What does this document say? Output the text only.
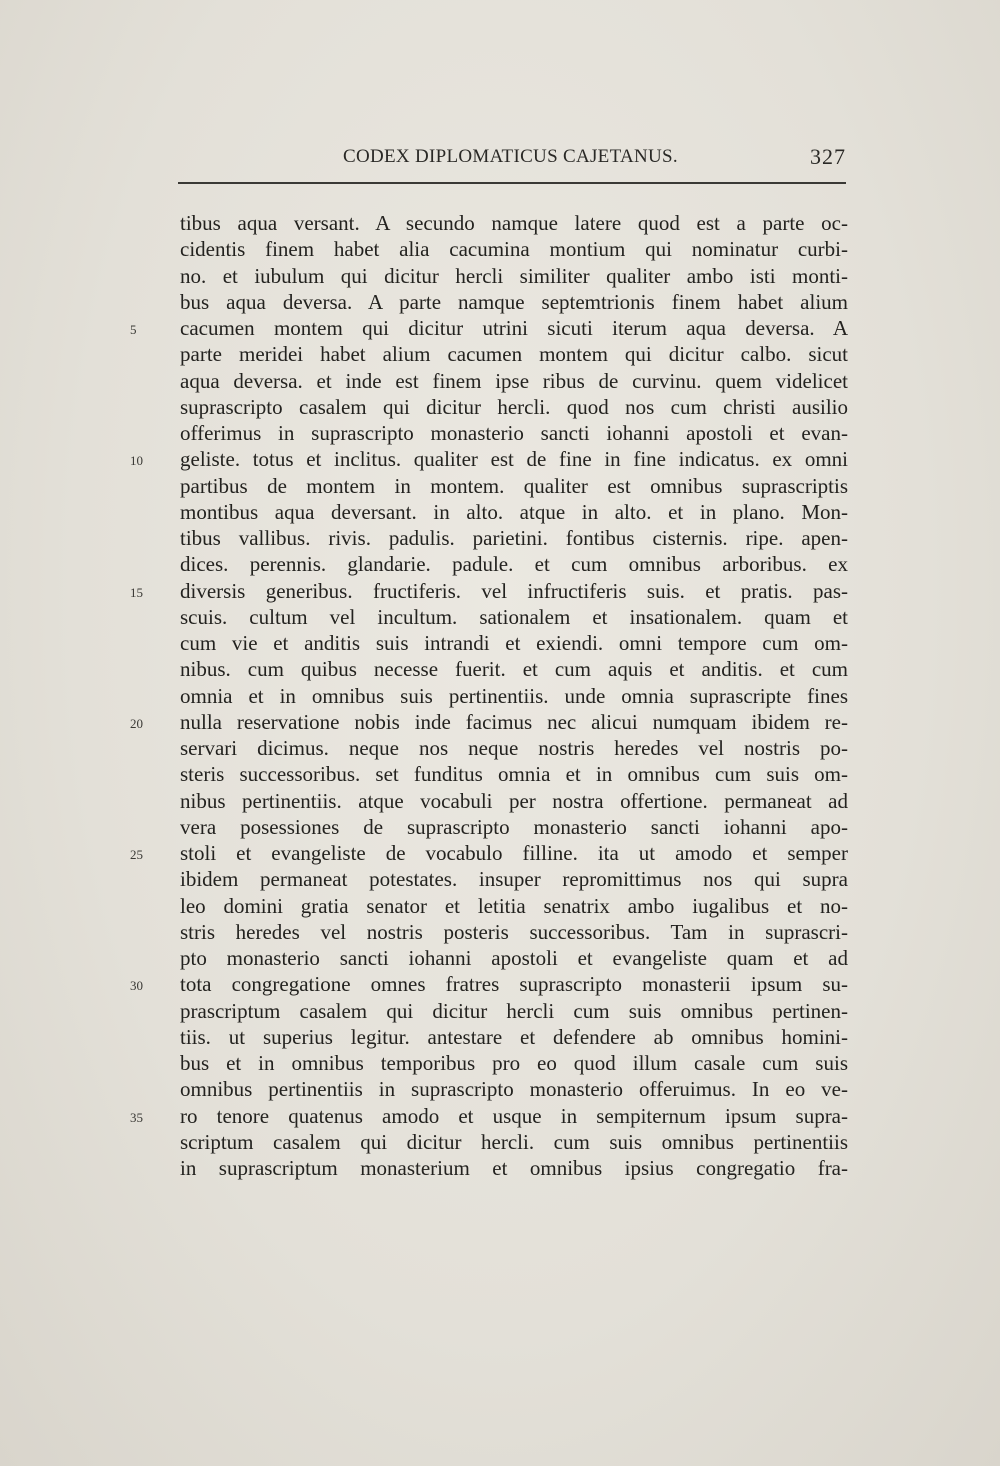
CODEX DIPLOMATICUS CAJETANUS.	327
5
10
15
20
25
30
35
tibus aqua versant. A secundo namque latere quod est a parte oc-
cidentis finem habet alia cacumina montium qui nominatur curbi-
no. et iubulum qui dicitur hercli similiter qualiter ambo isti monti-
bus aqua deversa. A parte namque septemtrionis finem habet alium
cacumen montem qui dicitur utrini sicuti iterum aqua deversa. A
parte meridei habet alium cacumen montem qui dicitur calbo. sicut
aqua deversa. et inde est finem ipse ribus de curvinu. quem videlicet
suprascripto casalem qui dicitur hercli. quod nos cum christi ausilio
offerimus in suprascripto monasterio sancti iohanni apostoli et evan-
geliste. totus et inclitus. qualiter est de fine in fine indicatus. ex omni
partibus de montem in montem. qualiter est omnibus suprascriptis
montibus aqua deversant. in alto. atque in alto. et in plano. Mon-
tibus vallibus. rivis. padulis. parietini. fontibus cisternis. ripe. apen-
dices. perennis. glandarie. padule. et cum omnibus arboribus. ex
diversis generibus. fructiferis. vel infructiferis suis. et pratis. pas-
scuis. cultum vel incultum. sationalem et insationalem. quam et
cum vie et anditis suis intrandi et exiendi. omni tempore cum om-
nibus. cum quibus necesse fuerit. et cum aquis et anditis. et cum
omnia et in omnibus suis pertinentiis. unde omnia suprascripte fines
nulla reservatione nobis inde facimus nec alicui numquam ibidem re-
servari dicimus. neque nos neque nostris heredes vel nostris po-
steris successoribus. set funditus omnia et in omnibus cum suis om-
nibus pertinentiis. atque vocabuli per nostra offertione. permaneat ad
vera posessiones de suprascripto monasterio sancti iohanni apo-
stoli et evangeliste de vocabulo filline. ita ut amodo et semper
ibidem permaneat potestates. insuper repromittimus nos qui supra
leo domini gratia senator et letitia senatrix ambo iugalibus et no-
stris heredes vel nostris posteris successoribus. Tam in suprascri-
pto monasterio sancti iohanni apostoli et evangeliste quam et ad
tota congregatione omnes fratres suprascripto monasterii ipsum su-
prascriptum casalem qui dicitur hercli cum suis omnibus pertinen-
tiis. ut superius legitur. antestare et defendere ab omnibus homini-
bus et in omnibus temporibus pro eo quod illum casale cum suis
omnibus pertinentiis in suprascripto monasterio offeruimus. In eo ve-
ro tenore quatenus amodo et usque in sempiternum ipsum supra-
scriptum casalem qui dicitur hercli. cum suis omnibus pertinentiis
in suprascriptum monasterium et omnibus ipsius congregatio fra-
